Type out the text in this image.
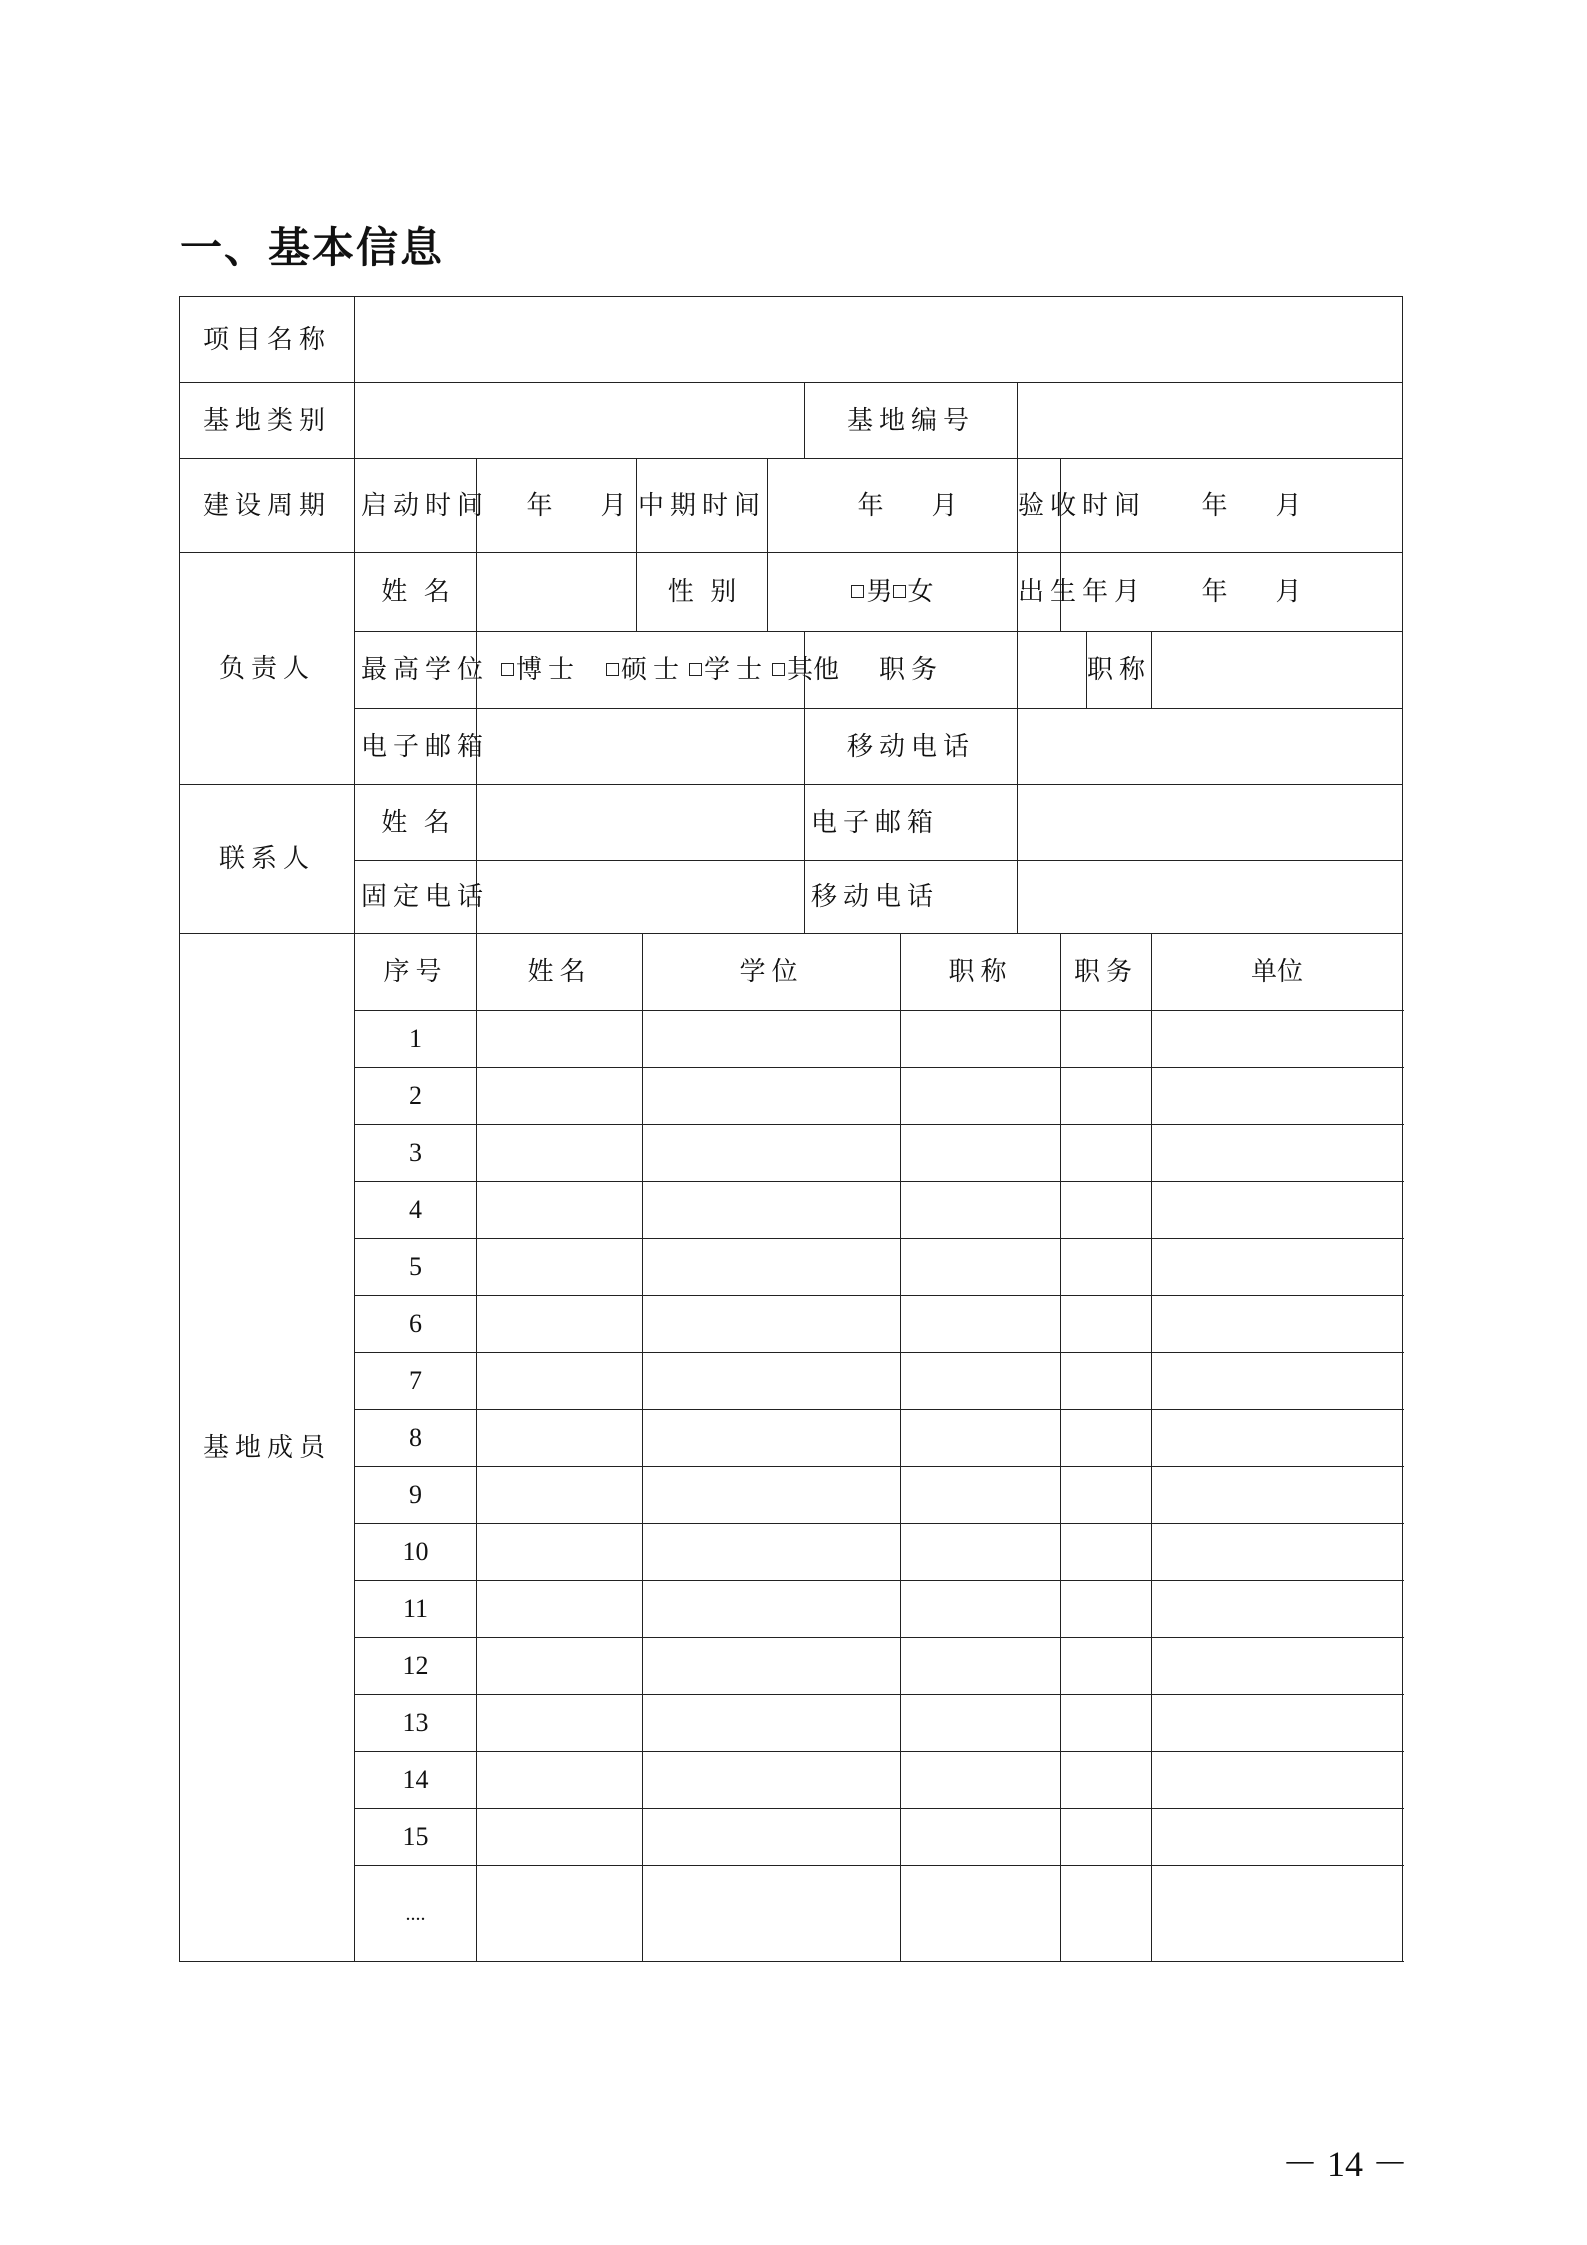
一、基本信息
项目名称											
基地类别						基地编号					
建设周期	启动时间	年 月	中期时间		年 月			验收时间	年 月		
负责人	姓  名		性  别		男 女			出生年月	年 月		
	最高学位	博士 硕士 学士 其他				职务				职称	
	电子邮箱					移动电话					
联系人	姓  名					电子邮箱					
	固定电话					移动电话					
基地成员	序号	姓名		学位			职称		职务		单位
	1										
	2										
	3										
	4										
	5										
	6										
	7										
	8										
	9										
	10										
	11										
	12										
	13										
	14										
	15										
	....										
－ 14 －
